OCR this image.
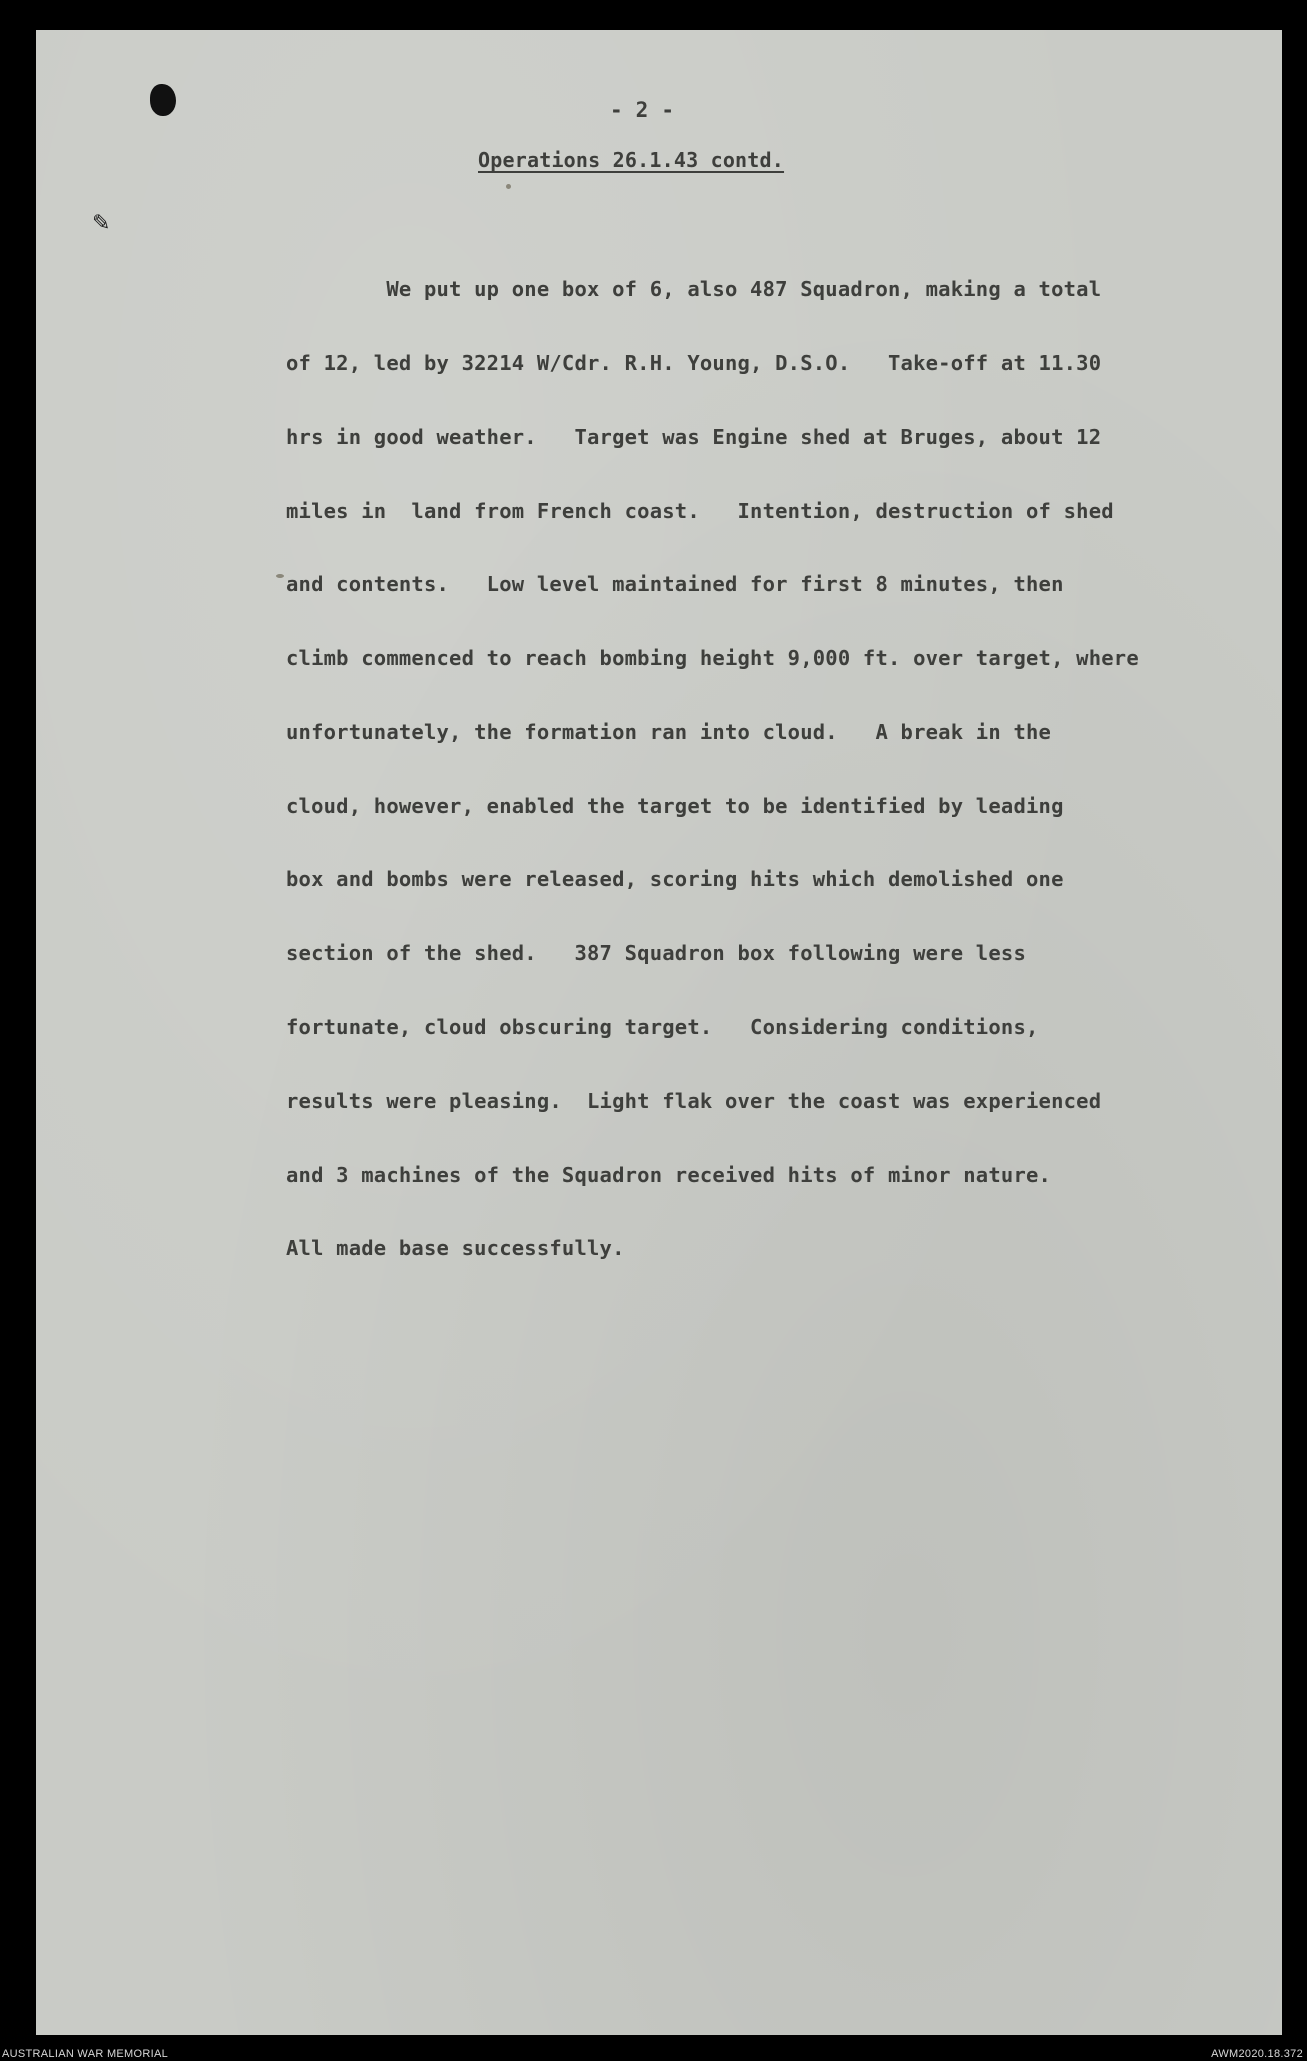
✎
- 2 -
Operations 26.1.43 contd.

We put up one box of 6, also 487 Squadron, making a total

of 12, led by 32214 W/Cdr. R.H. Young, D.S.O.   Take-off at 11.30

hrs in good weather.   Target was Engine shed at Bruges, about 12

miles in  land from French coast.   Intention, destruction of shed

and contents.   Low level maintained for first 8 minutes, then

climb commenced to reach bombing height 9,000 ft. over target, where

unfortunately, the formation ran into cloud.   A break in the

cloud, however, enabled the target to be identified by leading

box and bombs were released, scoring hits which demolished one

section of the shed.   387 Squadron box following were less

fortunate, cloud obscuring target.   Considering conditions,

results were pleasing.  Light flak over the coast was experienced

and 3 machines of the Squadron received hits of minor nature.

All made base successfully.

AUSTRALIAN WAR MEMORIAL	AWM2020.18.372
